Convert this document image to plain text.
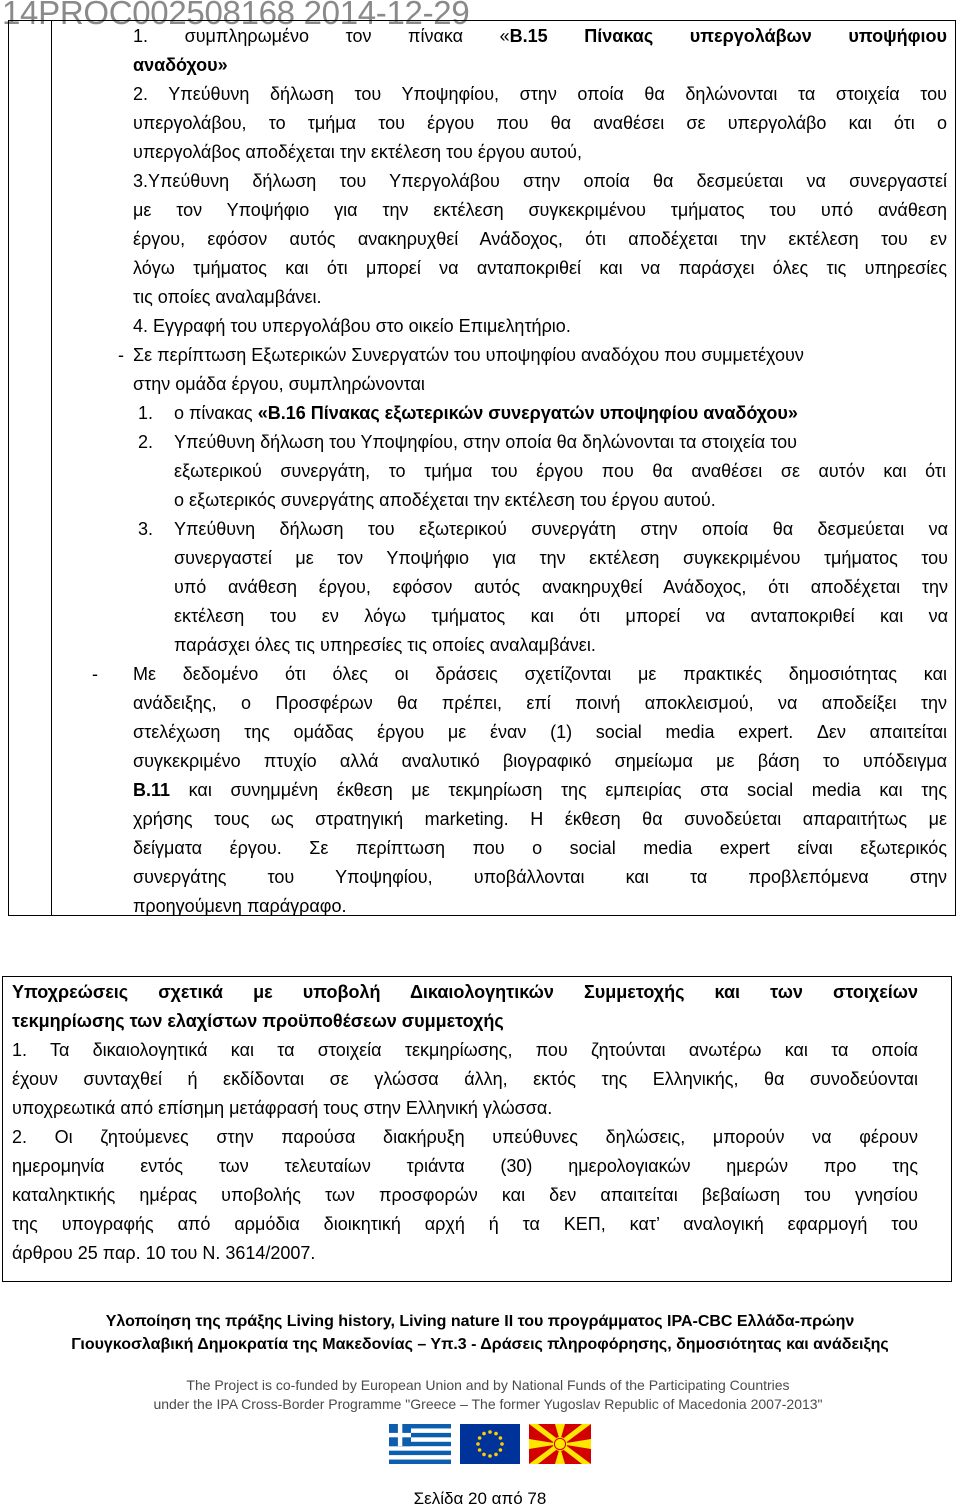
14PROC002508168 2014-12-29
1. συμπληρωμένο τον πίνακα «Β.15 Πίνακας υπεργολάβων υποψήφιου
αναδόχου»
2. Υπεύθυνη δήλωση του Υποψηφίου, στην οποία θα δηλώνονται τα στοιχεία του
υπεργολάβου, το τμήμα του έργου που θα αναθέσει σε υπεργολάβο και ότι ο
υπεργολάβος αποδέχεται την εκτέλεση του έργου αυτού,
3.Υπεύθυνη δήλωση του Υπεργολάβου στην οποία θα δεσμεύεται να συνεργαστεί
με τον Υποψήφιο για την εκτέλεση συγκεκριμένου τμήματος του υπό ανάθεση
έργου, εφόσον αυτός ανακηρυχθεί Ανάδοχος, ότι αποδέχεται την εκτέλεση του εν
λόγω τμήματος και ότι μπορεί να ανταποκριθεί και να παράσχει όλες τις υπηρεσίες
τις οποίες αναλαμβάνει.
4. Εγγραφή του υπεργολάβου στο οικείο Επιμελητήριο.
- Σε περίπτωση Εξωτερικών Συνεργατών του υποψηφίου αναδόχου που συμμετέχουν
στην ομάδα έργου, συμπληρώνονται
1. ο πίνακας «Β.16 Πίνακας εξωτερικών συνεργατών υποψηφίου αναδόχου»
2. Υπεύθυνη δήλωση του Υποψηφίου, στην οποία θα δηλώνονται τα στοιχεία του
εξωτερικού συνεργάτη, το τμήμα του έργου που θα αναθέσει σε αυτόν και ότι
ο εξωτερικός συνεργάτης αποδέχεται την εκτέλεση του έργου αυτού.
3. Υπεύθυνη δήλωση του εξωτερικού συνεργάτη στην οποία θα δεσμεύεται να
συνεργαστεί με τον Υποψήφιο για την εκτέλεση συγκεκριμένου τμήματος του
υπό ανάθεση έργου, εφόσον αυτός ανακηρυχθεί Ανάδοχος, ότι αποδέχεται την
εκτέλεση του εν λόγω τμήματος και ότι μπορεί να ανταποκριθεί και να
παράσχει όλες τις υπηρεσίες τις οποίες αναλαμβάνει.
-	Με δεδομένο ότι όλες οι δράσεις σχετίζονται με πρακτικές δημοσιότητας και
ανάδειξης, ο Προσφέρων θα πρέπει, επί ποινή αποκλεισμού, να αποδείξει την
στελέχωση της ομάδας έργου με έναν (1) social media expert. Δεν απαιτείται
συγκεκριμένο πτυχίο αλλά αναλυτικό βιογραφικό σημείωμα με βάση το υπόδειγμα
Β.11 και συνημμένη έκθεση με τεκμηρίωση της εμπειρίας στα social media και της
χρήσης τους ως στρατηγική marketing. Η έκθεση θα συνοδεύεται απαραιτήτως με
δείγματα έργου. Σε περίπτωση που ο social media expert είναι εξωτερικός
συνεργάτης του Υποψηφίου, υποβάλλονται και τα προβλεπόμενα στην
προηγούμενη παράγραφο.
Υποχρεώσεις σχετικά με υποβολή Δικαιολογητικών Συμμετοχής και των στοιχείων
τεκμηρίωσης των ελαχίστων προϋποθέσεων συμμετοχής
1. Τα δικαιολογητικά και τα στοιχεία τεκμηρίωσης, που ζητούνται ανωτέρω και τα οποία
έχουν συνταχθεί ή εκδίδονται σε γλώσσα άλλη, εκτός της Ελληνικής, θα συνοδεύονται
υποχρεωτικά από επίσημη μετάφρασή τους στην Ελληνική γλώσσα.
2. Οι ζητούμενες στην παρούσα διακήρυξη υπεύθυνες δηλώσεις, μπορούν να φέρουν
ημερομηνία εντός των τελευταίων τριάντα (30) ημερολογιακών ημερών προ της
καταληκτικής ημέρας υποβολής των προσφορών και δεν απαιτείται βεβαίωση του γνησίου
της υπογραφής από αρμόδια διοικητική αρχή ή τα ΚΕΠ, κατ’ αναλογική εφαρμογή του
άρθρου 25 παρ. 10 του Ν. 3614/2007.
Υλοποίηση της πράξης Living history, Living nature II του προγράμματος IPA-CBC Ελλάδα-πρώην
Γιουγκοσλαβική Δημοκρατία της Μακεδονίας – Υπ.3 - Δράσεις πληροφόρησης, δημοσιότητας και ανάδειξης
The Project is co-funded by European Union and by National Funds of the Participating Countries
under the IPA Cross-Border Programme "Greece – The former Yugoslav Republic of Macedonia 2007-2013"
Σελίδα 20 από 78
